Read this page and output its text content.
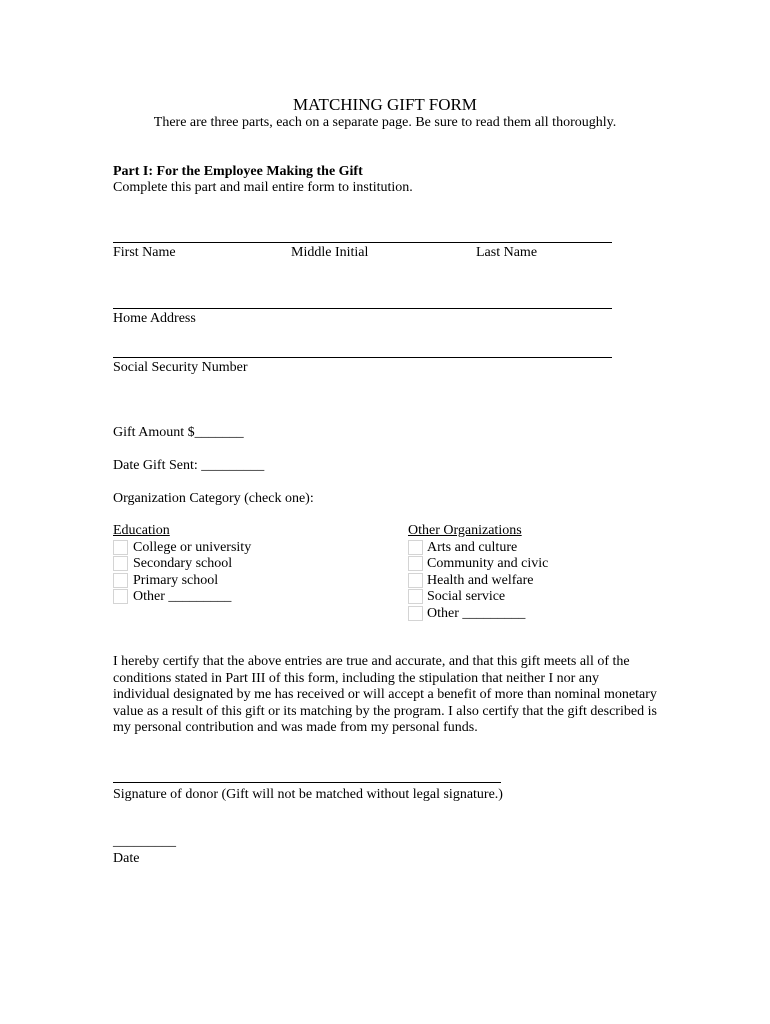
MATCHING GIFT FORM
There are three parts, each on a separate page. Be sure to read them all thoroughly.
Part I: For the Employee Making the Gift
Complete this part and mail entire form to institution.
First Name	Middle Initial	Last Name
Home Address
Social Security Number
Gift Amount $_______
Date Gift Sent: _________
Organization Category (check one):
Education
College or university
Secondary school
Primary school
Other _________
Other Organizations
Arts and culture
Community and civic
Health and welfare
Social service
Other _________
I hereby certify that the above entries are true and accurate, and that this gift meets all of the conditions stated in Part III of this form, including the stipulation that neither I nor any individual designated by me has received or will accept a benefit of more than nominal monetary value as a result of this gift or its matching by the program. I also certify that the gift described is my personal contribution and was made from my personal funds.
Signature of donor (Gift will not be matched without legal signature.)
_________
Date
